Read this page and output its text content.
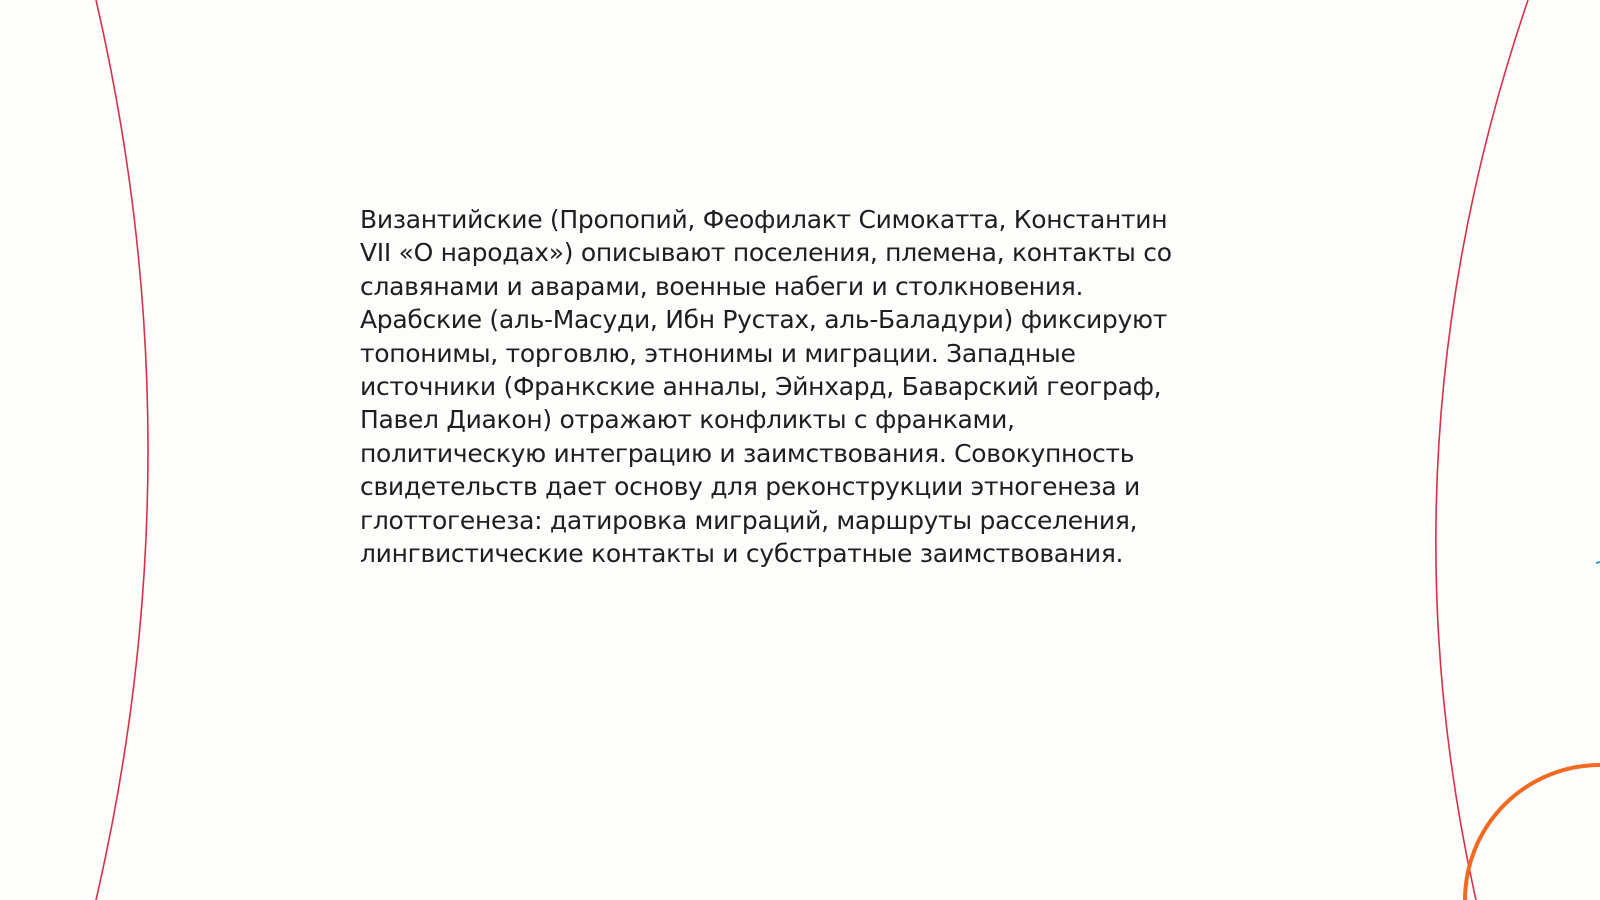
Византийские (Пропопий, Феофилакт Симокатта, Константин
VII «О народах») описывают поселения, племена, контакты со
славянами и аварами, военные набеги и столкновения.
Арабские (аль-Масуди, Ибн Рустах, аль-Баладури) фиксируют
топонимы, торговлю, этнонимы и миграции. Западные
источники (Франкские анналы, Эйнхард, Баварский географ,
Павел Диакон) отражают конфликты с франками,
политическую интеграцию и заимствования. Совокупность
свидетельств дает основу для реконструкции этногенеза и
глоттогенеза: датировка миграций, маршруты расселения,
лингвистические контакты и субстратные заимствования.
